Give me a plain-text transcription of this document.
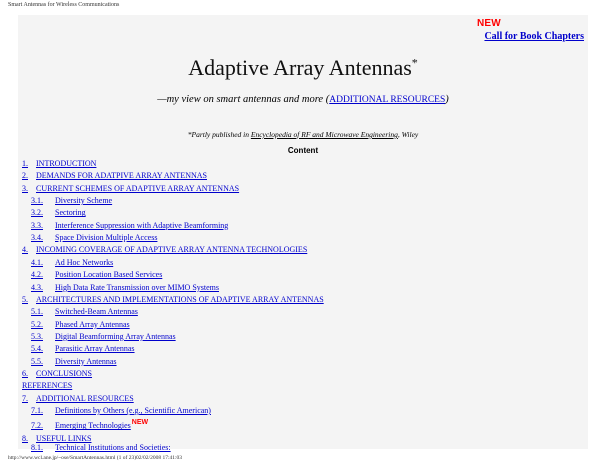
Smart Antennas for Wireless Communications
NEW
Call for Book Chapters
Adaptive Array Antennas*
—my view on smart antennas and more (ADDITIONAL RESOURCES)
*Partly published in Encyclopedia of RF and Microwave Engineering, Wiley
Content
1. INTRODUCTION
2. DEMANDS FOR ADATPIVE ARRAY ANTENNAS
3. CURRENT SCHEMES OF ADAPTIVE ARRAY ANTENNAS
3.1. Diversity Scheme
3.2. Sectoring
3.3. Interference Suppression with Adaptive Beamforming
3.4. Space Division Multiple Access
4. INCOMING COVERAGE OF ADAPTIVE ARRAY ANTENNA TECHNOLOGIES
4.1. Ad Hoc Networks
4.2. Position Location Based Services
4.3. High Data Rate Transmission over MIMO Systems
5. ARCHITECTURES AND IMPLEMENTATIONS OF ADAPTIVE ARRAY ANTENNAS
5.1. Switched-Beam Antennas
5.2. Phased Array Antennas
5.3. Digital Beamforming Array Antennas
5.4. Parasitic Array Antennas
5.5. Diversity Antennas
6. CONCLUSIONS
REFERENCES
7. ADDITIONAL RESOURCES
7.1. Definitions by Others (e.g., Scientific American)
7.2. Emerging TechnologiesNEW
8. USEFUL LINKS
8.1. Technical Institutions and Societies:
http://www.wcl.ane.jp/~ose/SmartAntennas.html (1 of 23)02/02/2008 17:41:03
